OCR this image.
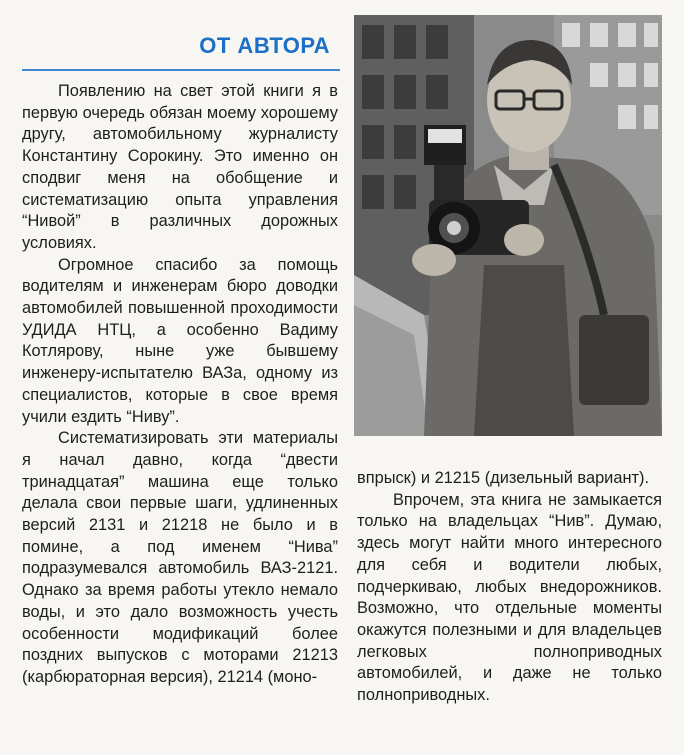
ОТ АВТОРА

Появлению на свет этой книги я в первую очередь обязан моему хорошему другу, автомобильному журналисту Константину Сорокину. Это именно он сподвиг меня на обобщение и систематизацию опыта управления “Нивой” в различных дорожных условиях.

Огромное спасибо за помощь водителям и инженерам бюро доводки автомобилей повышенной проходимости УДИДА НТЦ, а особенно Вадиму Котлярову, ныне уже бывшему инженеру-испытателю ВАЗа, одному из специалистов, которые в свое время учили ездить “Ниву”.

Систематизировать эти материалы я начал давно, когда “двести тринадцатая” машина еще только делала свои первые шаги, удлиненных версий 2131 и 21218 не было и в помине, а под именем “Нива” подразумевался автомобиль ВАЗ-2121. Однако за время работы утекло немало воды, и это дало возможность учесть особенности модификаций более поздних выпусков с моторами 21213 (карбюраторная версия), 21214 (моно-

впрыск) и 21215 (дизельный вариант).

Впрочем, эта книга не замыкается только на владельцах “Нив”. Думаю, здесь могут найти много интересного для себя и водители любых, подчеркиваю, любых внедорожников. Возможно, что отдельные моменты окажутся полезными и для владельцев легковых полноприводных автомобилей, и даже не только полноприводных.
